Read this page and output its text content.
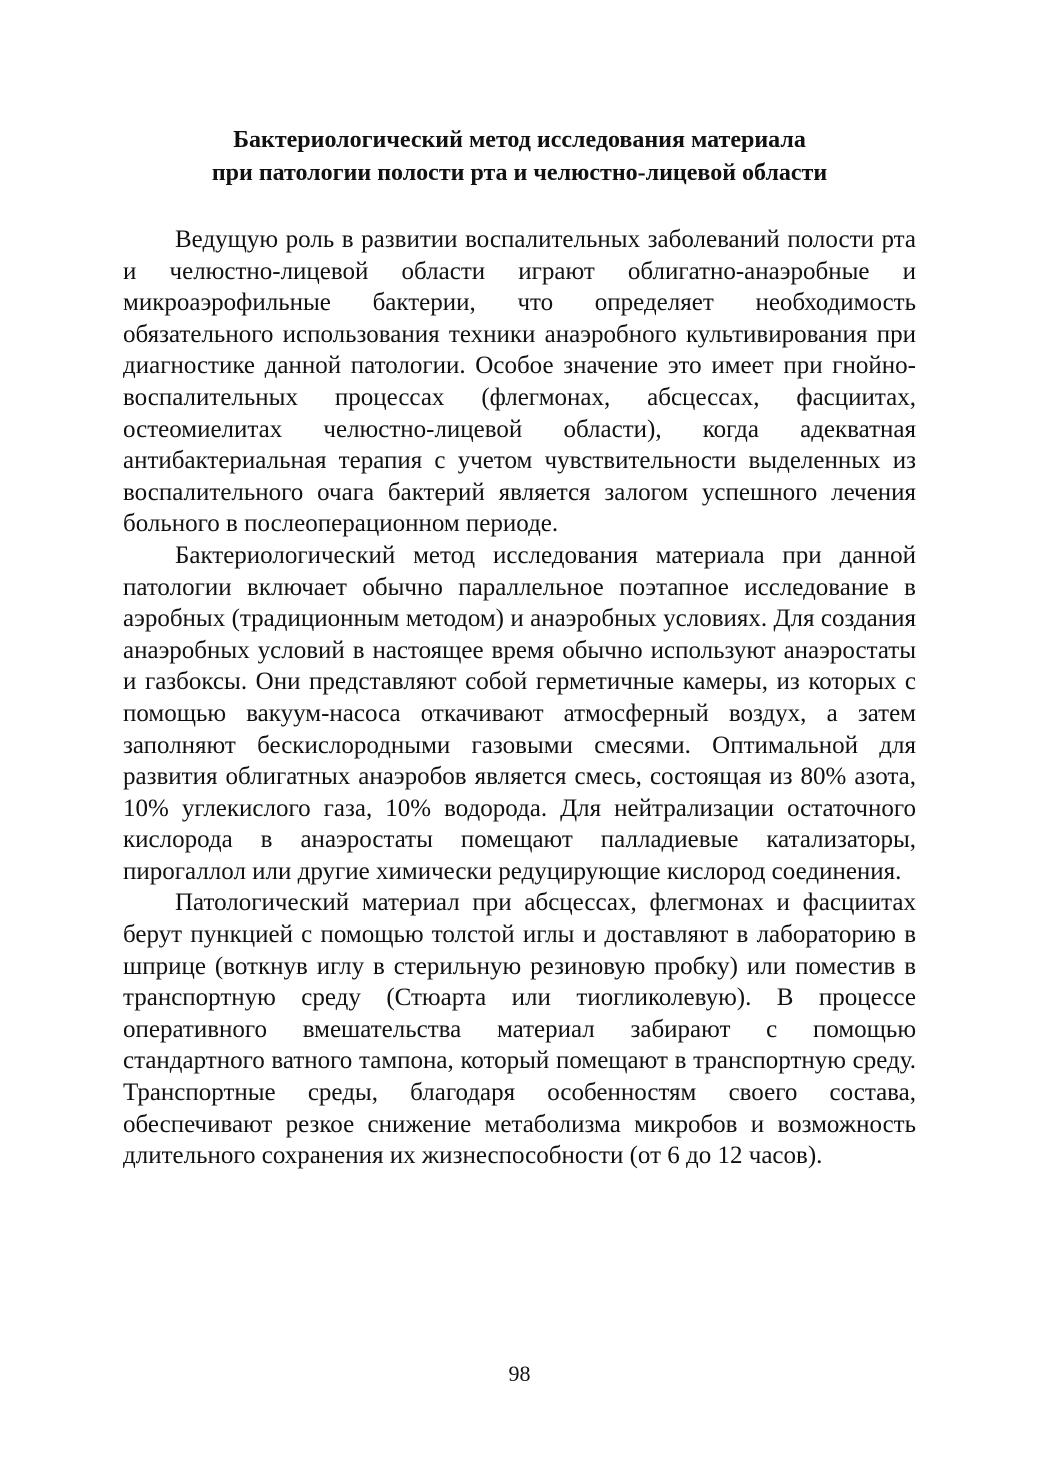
Бактериологический метод исследования материала
при патологии полости рта и челюстно-лицевой области

Ведущую роль в развитии воспалительных заболеваний полости рта и челюстно-лицевой области играют облигатно-анаэробные и микроаэрофильные бактерии, что определяет необходимость обязательного использования техники анаэробного культивирования при диагностике данной патологии. Особое значение это имеет при гнойно-воспалительных процессах (флегмонах, абсцессах, фасциитах, остеомиелитах челюстно-лицевой области), когда адекватная антибактериальная терапия с учетом чувствительности выделенных из воспалительного очага бактерий является залогом успешного лечения больного в послеоперационном периоде.

Бактериологический метод исследования материала при данной патологии включает обычно параллельное поэтапное исследование в аэробных (традиционным методом) и анаэробных условиях. Для создания анаэробных условий в настоящее время обычно используют анаэростаты и газбоксы. Они представляют собой герметичные камеры, из которых с помощью вакуум-насоса откачивают атмосферный воздух, а затем заполняют бескислородными газовыми смесями. Оптимальной для развития облигатных анаэробов является смесь, состоящая из 80% азота, 10% углекислого газа, 10% водорода. Для нейтрализации остаточного кислорода в анаэростаты помещают палладиевые катализаторы, пирогаллол или другие химически редуцирующие кислород соединения.

Патологический материал при абсцессах, флегмонах и фасциитах берут пункцией с помощью толстой иглы и доставляют в лабораторию в шприце (воткнув иглу в стерильную резиновую пробку) или поместив в транспортную среду (Стюарта или тиогликолевую). В процессе оперативного вмешательства материал забирают с помощью стандартного ватного тампона, который помещают в транспортную среду. Транспортные среды, благодаря особенностям своего состава, обеспечивают резкое снижение метаболизма микробов и возможность длительного сохранения их жизнеспособности (от 6 до 12 часов).

98
